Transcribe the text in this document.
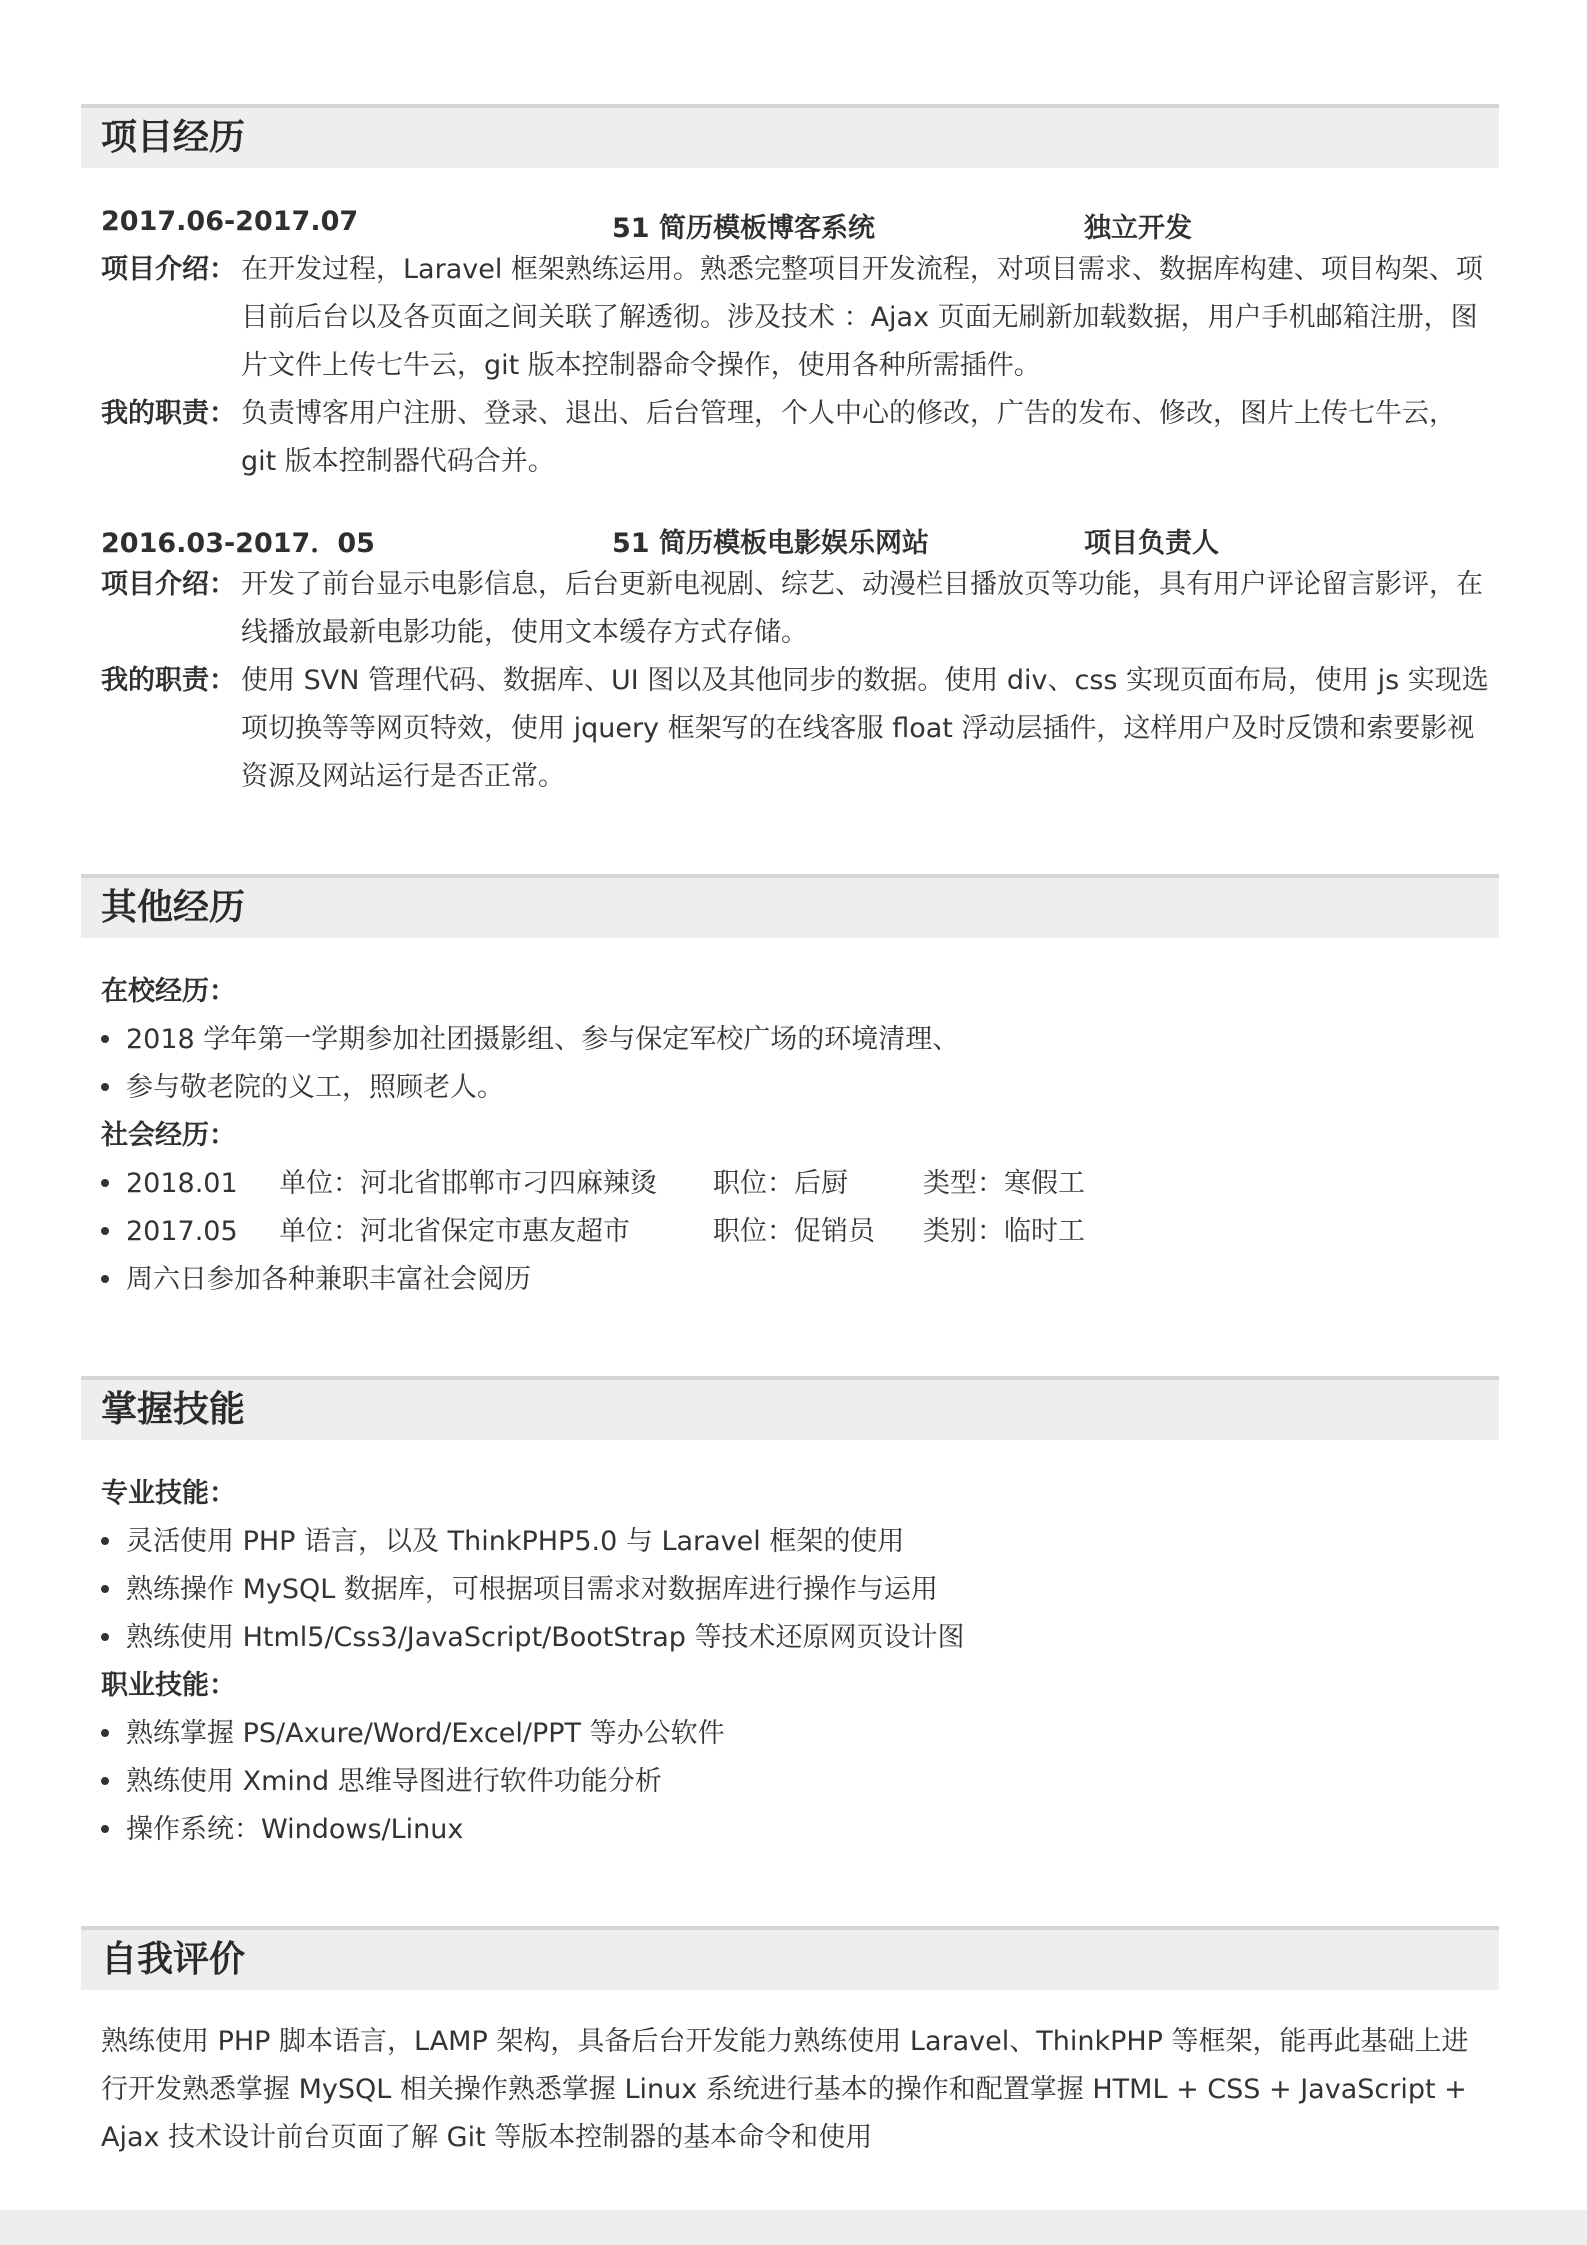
项目经历
2017.06-2017.07	51 简历模板博客系统	独立开发
项目介绍： 在开发过程，Laravel 框架熟练运用。熟悉完整项目开发流程，对项目需求、数据库构建、项目构架、项目前后台以及各页面之间关联了解透彻。涉及技术 ：Ajax 页面无刷新加载数据，用户手机邮箱注册，图片文件上传七牛云，git 版本控制器命令操作，使用各种所需插件。
我的职责： 负责博客用户注册、登录、退出、后台管理，个人中心的修改，广告的发布、修改，图片上传七牛云，git 版本控制器代码合并。
2016.03-2017．05	51 简历模板电影娱乐网站	项目负责人
项目介绍： 开发了前台显示电影信息，后台更新电视剧、综艺、动漫栏目播放页等功能，具有用户评论留言影评，在线播放最新电影功能，使用文本缓存方式存储。
我的职责： 使用 SVN 管理代码、数据库、UI 图以及其他同步的数据。使用 div、css 实现页面布局，使用 js 实现选项切换等等网页特效，使用 jquery 框架写的在线客服 float 浮动层插件，这样用户及时反馈和索要影视资源及网站运行是否正常。
其他经历
在校经历：
2018 学年第一学期参加社团摄影组、参与保定军校广场的环境清理、
参与敬老院的义工，照顾老人。
社会经历：
2018.01 单位：河北省邯郸市刁四麻辣烫 职位：后厨	类型：寒假工
2017.05 单位：河北省保定市惠友超市	职位：促销员 类别：临时工
周六日参加各种兼职丰富社会阅历
掌握技能
专业技能：
灵活使用 PHP 语言，以及 ThinkPHP5.0 与 Laravel 框架的使用
熟练操作 MySQL 数据库，可根据项目需求对数据库进行操作与运用
熟练使用 Html5/Css3/JavaScript/BootStrap 等技术还原网页设计图
职业技能：
熟练掌握 PS/Axure/Word/Excel/PPT 等办公软件
熟练使用 Xmind 思维导图进行软件功能分析
操作系统：Windows/Linux
自我评价
熟练使用 PHP 脚本语言，LAMP 架构，具备后台开发能力熟练使用 Laravel、ThinkPHP 等框架，能再此基础上进行开发熟悉掌握 MySQL 相关操作熟悉掌握 Linux 系统进行基本的操作和配置掌握 HTML + CSS + JavaScript + Ajax 技术设计前台页面了解 Git 等版本控制器的基本命令和使用
